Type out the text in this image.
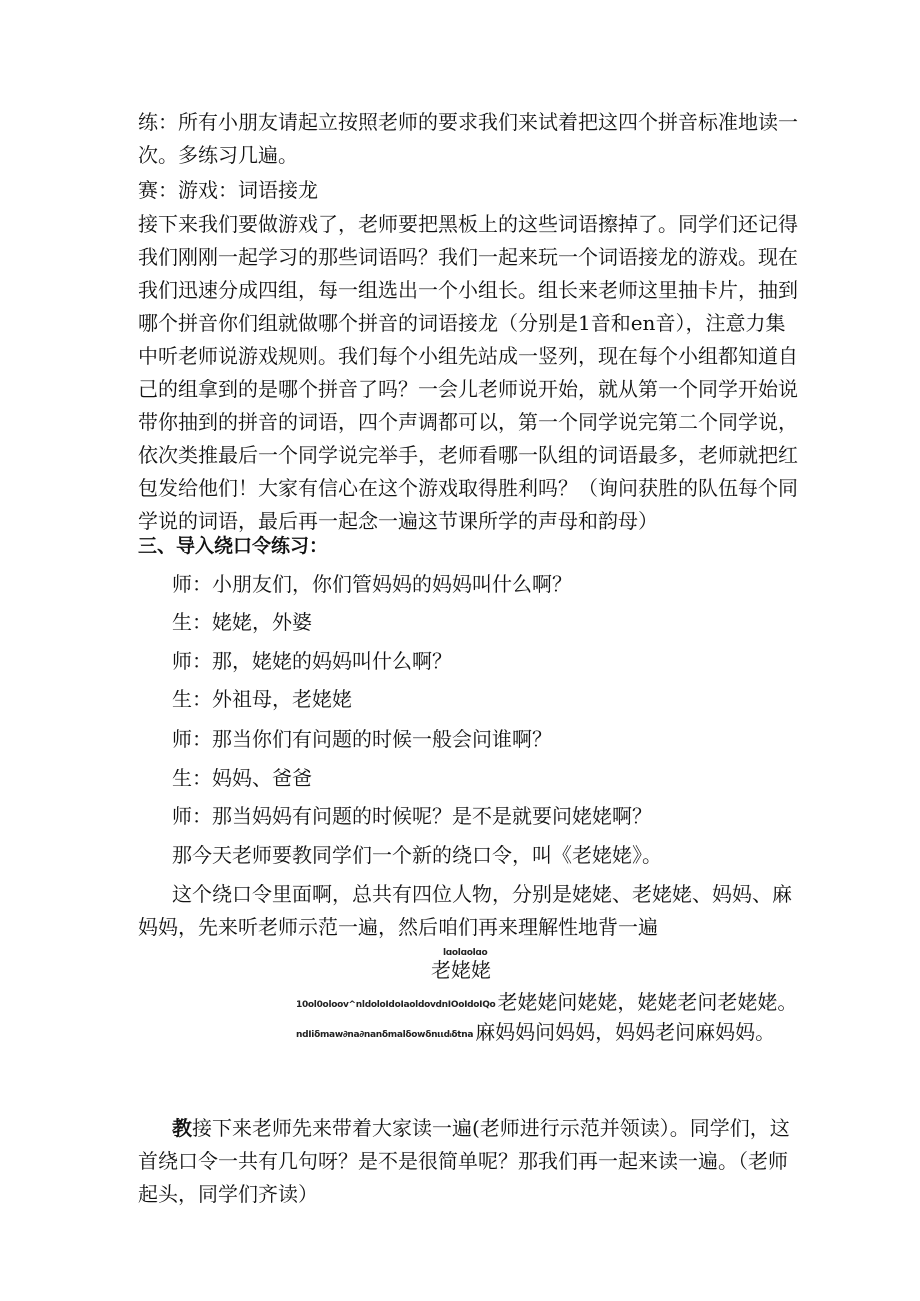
练：所有小朋友请起立按照老师的要求我们来试着把这四个拼音标准地读一次。多练习几遍。

赛：游戏：词语接龙

接下来我们要做游戏了，老师要把黑板上的这些词语擦掉了。同学们还记得我们刚刚一起学习的那些词语吗？我们一起来玩一个词语接龙的游戏。现在我们迅速分成四组，每一组选出一个小组长。组长来老师这里抽卡片，抽到哪个拼音你们组就做哪个拼音的词语接龙（分别是1音和en音），注意力集中听老师说游戏规则。我们每个小组先站成一竖列，现在每个小组都知道自己的组拿到的是哪个拼音了吗？一会儿老师说开始，就从第一个同学开始说带你抽到的拼音的词语，四个声调都可以，第一个同学说完第二个同学说，依次类推最后一个同学说完举手，老师看哪一队组的词语最多，老师就把红包发给他们！大家有信心在这个游戏取得胜利吗？（询问获胜的队伍每个同学说的词语，最后再一起念一遍这节课所学的声母和韵母）

三、导入绕口令练习：

师：小朋友们，你们管妈妈的妈妈叫什么啊？

生：姥姥，外婆

师：那，姥姥的妈妈叫什么啊？

生：外祖母，老姥姥

师：那当你们有问题的时候一般会问谁啊？

生：妈妈、爸爸

师：那当妈妈有问题的时候呢？是不是就要问姥姥啊？

那今天老师要教同学们一个新的绕口令，叫《老姥姥》。

这个绕口令里面啊，总共有四位人物，分别是姥姥、老姥姥、妈妈、麻妈妈，先来听老师示范一遍，然后咱们再来理解性地背一遍

lɑolɑolɑo
老姥姥
10ol0oloov^nldoloIdoIaoldovdnIOoIdoIQo 老姥姥问姥姥，姥姥老问老姥姥。
ndIiδmaw∂na∂nanδmalδowδnιιdᵢδtna 麻妈妈问妈妈，妈妈老问麻妈妈。

教接下来老师先来带着大家读一遍(老师进行示范并领读）。同学们，这首绕口令一共有几句呀？是不是很简单呢？那我们再一起来读一遍。（老师起头，同学们齐读）
